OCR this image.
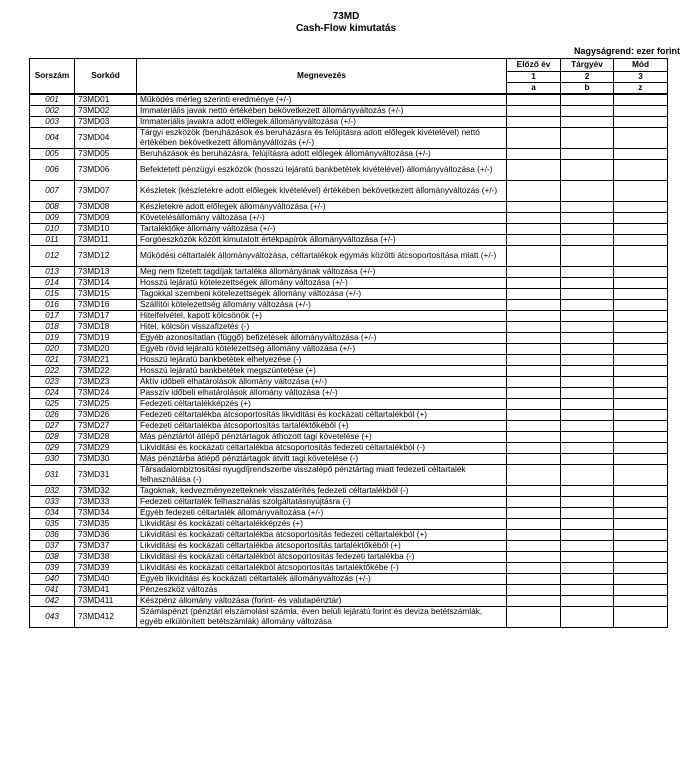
73MD
Cash-Flow kimutatás
Nagyságrend: ezer forint
Sorszám	Sorkód	Megnevezés	Előző év	Tárgyév	Mód
			1	2	3
			a	b	z
001	73MD01	Működés mérleg szerinti eredménye (+/-)			
002	73MD02	Immateriális javak nettó értékében bekövetkezett állományváltozás (+/-)			
003	73MD03	Immateriális javakra adott előlegek állományváltozása (+/-)			
004	73MD04	Tárgyi eszközök (beruházások és beruházásra és felújításra adott előlegek kivételével) nettó értékében bekövetkezett állományváltozás (+/-)			
005	73MD05	Beruházások és beruházásra, felújításra adott előlegek állományváltozása (+/-)			
006	73MD06	Befektetett pénzügyi eszközök (hosszú lejáratú bankbetétek kivételével) állományváltozása (+/-)			
007	73MD07	Készletek (készletekre adott előlegek kivételével) értékében bekövetkezett állományváltozás (+/-)			
008	73MD08	Készletekre adott előlegek állományváltozása (+/-)			
009	73MD09	Követelésállomány változása (+/-)			
010	73MD10	Tartaléktőke állomány változása (+/-)			
011	73MD11	Forgóeszközök között kimutatott értékpapírok állományváltozása (+/-)			
012	73MD12	Működési céltartalék állományváltozása, céltartalékok egymás közötti átcsoportosítása miatt (+/-)			
013	73MD13	Meg nem fizetett tagdíjak tartaléka állományának változása (+/-)			
014	73MD14	Hosszú lejáratú kötelezettségek állomány változása (+/-)			
015	73MD15	Tagokkal szembeni kötelezettségek állomány változása (+/-)			
016	73MD16	Szállítói kötelezettség állomány változása (+/-)			
017	73MD17	Hitelfelvétel, kapott kölcsönök (+)			
018	73MD18	Hitel, kölcsön visszafizetés (-)			
019	73MD19	Egyéb azonosítatlan (függő) befizetések állományváltozása (+/-)			
020	73MD20	Egyéb rövid lejáratú kötelezettség állomány változása (+/-)			
021	73MD21	Hosszú lejáratú bankbetétek elhelyezése (-)			
022	73MD22	Hosszú lejáratú bankbetétek megszüntetése (+)			
023	73MD23	Aktív időbeli elhatárolások állomány változása (+/-)			
024	73MD24	Passzív időbeli elhatárolások állomány változása (+/-)			
025	73MD25	Fedezeti céltartalékképzés (+)			
026	73MD26	Fedezeti céltartalékba átcsoportosítás likviditási és kockázati céltartalékból (+)			
027	73MD27	Fedezeti céltartalékba átcsoportosítás tartaléktőkéből (+)			
028	73MD28	Más pénztártól átlépő pénztártagok áthozott tagi követelése (+)			
029	73MD29	Likviditási és kockázati céltartalékba átcsoportosítás fedezeti céltartalékból (-)			
030	73MD30	Más pénztárba átlépő pénztártagok átvitt tagi követelése (-)			
031	73MD31	Társadalombiztosítási nyugdíjrendszerbe visszalépő pénztártag miatt fedezeti céltartalék felhasználása (-)			
032	73MD32	Tagoknak, kedvezményezetteknek visszatérítés fedezeti céltartalékból (-)			
033	73MD33	Fedezeti céltartalék felhasználás szolgáltatásnyújtásra (-)			
034	73MD34	Egyéb fedezeti céltartalék állományváltozása (+/-)			
035	73MD35	Likviditási és kockázati céltartalékképzés (+)			
036	73MD36	Likviditási és kockázati céltartalékba átcsoportosítás fedezeti céltartalékból (+)			
037	73MD37	Likviditási és kockázati céltartalékba átcsoportosítás tartaléktőkéből (+)			
038	73MD38	Likviditási és kockázati céltartalékból átcsoportosítás fedezeti tartalékba (-)			
039	73MD39	Likviditási és kockázati céltartalékból átcsoportosítás tartaléktőkébe (-)			
040	73MD40	Egyéb likviditási és kockázati céltartalék állományváltozás (+/-)			
041	73MD41	Pénzeszköz változás			
042	73MD411	Készpénz állomány változása (forint- és valutapénztár)			
043	73MD412	Számlapénzt (pénztári elszámolási számla, éven belüli lejáratú forint és deviza betétszámlák, egyéb elkülönített betétszámlák) állomány változása			
